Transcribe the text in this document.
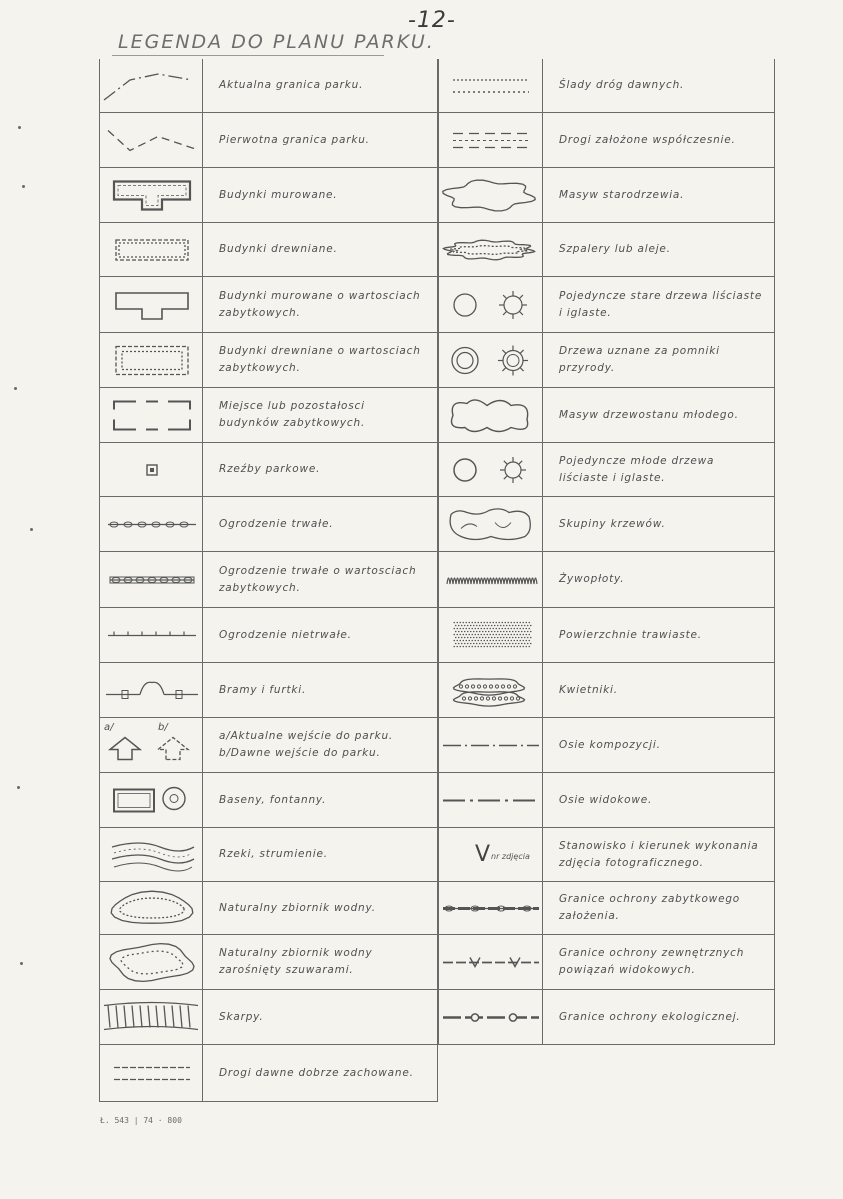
-12-
LEGENDA DO PLANU PARKU.
Aktualna granica parku.
Pierwotna granica parku.
Budynki murowane.
Budynki drewniane.
Budynki murowane o wartosciach zabytkowych.
Budynki drewniane o wartosciach zabytkowych.
Miejsce lub pozostałosci budynków zabytkowych.
Rzeźby parkowe.
Ogrodzenie trwałe.
Ogrodzenie trwałe o wartosciach zabytkowych.
Ogrodzenie nietrwałe.
Bramy i furtki.
a/	b/
a/Aktualne wejście do parku. b/Dawne wejście do parku.
Baseny, fontanny.
Rzeki, strumienie.
Naturalny zbiornik wodny.
Naturalny zbiornik wodny zarośnięty szuwarami.
Skarpy.
Drogi dawne dobrze zachowane.
Ślady dróg dawnych.
Drogi założone współczesnie.
Masyw starodrzewia.
Szpalery lub aleje.
Pojedyncze stare drzewa liściaste i iglaste.
Drzewa uznane za pomniki przyrody.
Masyw drzewostanu młodego.
Pojedyncze młode drzewa liściaste i iglaste.
Skupiny krzewów.
Żywopłoty.
Powierzchnie trawiaste.
Kwietniki.
Osie kompozycji.
Osie widokowe.
V nr zdjęcia
Stanowisko i kierunek wykonania zdjęcia fotograficznego.
Granice ochrony zabytkowego założenia.
Granice ochrony zewnętrznych powiązań widokowych.
Granice ochrony ekologicznej.
Ł. 543 | 74 · 800
